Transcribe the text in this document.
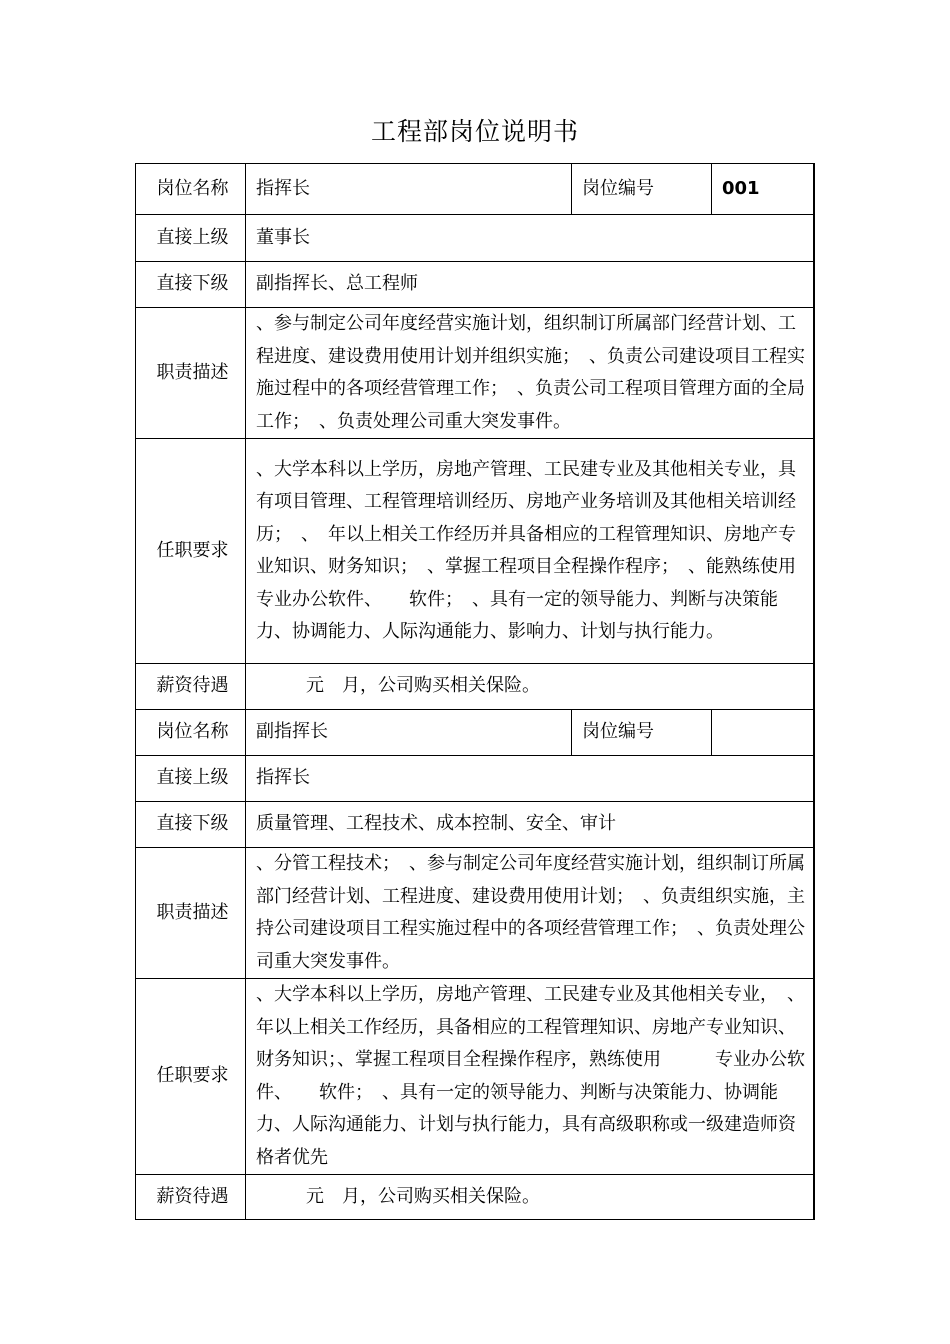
工程部岗位说明书
岗位名称	指挥长	岗位编号	001
直接上级	董事长		
直接下级	副指挥长、总工程师		
职责描述	、参与制定公司年度经营实施计划，组织制订所属部门经营计划、工程进度、建设费用使用计划并组织实施；　、负责公司建设项目工程实施过程中的各项经营管理工作；　、负责公司工程项目管理方面的全局工作；　、负责处理公司重大突发事件。		
任职要求	、大学本科以上学历，房地产管理、工民建专业及其他相关专业，具有项目管理、工程管理培训经历、房地产业务培训及其他相关培训经历；　、　年以上相关工作经历并具备相应的工程管理知识、房地产专业知识、财务知识；　、掌握工程项目全程操作程序；　、能熟练使用　　　　专业办公软件、　　软件；　、具有一定的领导能力、判断与决策能力、协调能力、人际沟通能力、影响力、计划与执行能力。		
薪资待遇	元　月，公司购买相关保险。		
岗位名称	副指挥长	岗位编号	
直接上级	指挥长		
直接下级	质量管理、工程技术、成本控制、安全、审计		
职责描述	、分管工程技术；　、参与制定公司年度经营实施计划，组织制订所属部门经营计划、工程进度、建设费用使用计划；　、负责组织实施，主持公司建设项目工程实施过程中的各项经营管理工作；　、负责处理公司重大突发事件。		
任职要求	、大学本科以上学历，房地产管理、工民建专业及其他相关专业，　、　年以上相关工作经历，具备相应的工程管理知识、房地产专业知识、财务知识；、掌握工程项目全程操作程序，熟练使用　　　专业办公软件、　　软件；　、具有一定的领导能力、判断与决策能力、协调能力、人际沟通能力、计划与执行能力，具有高级职称或一级建造师资格者优先		
薪资待遇	元　月，公司购买相关保险。		
